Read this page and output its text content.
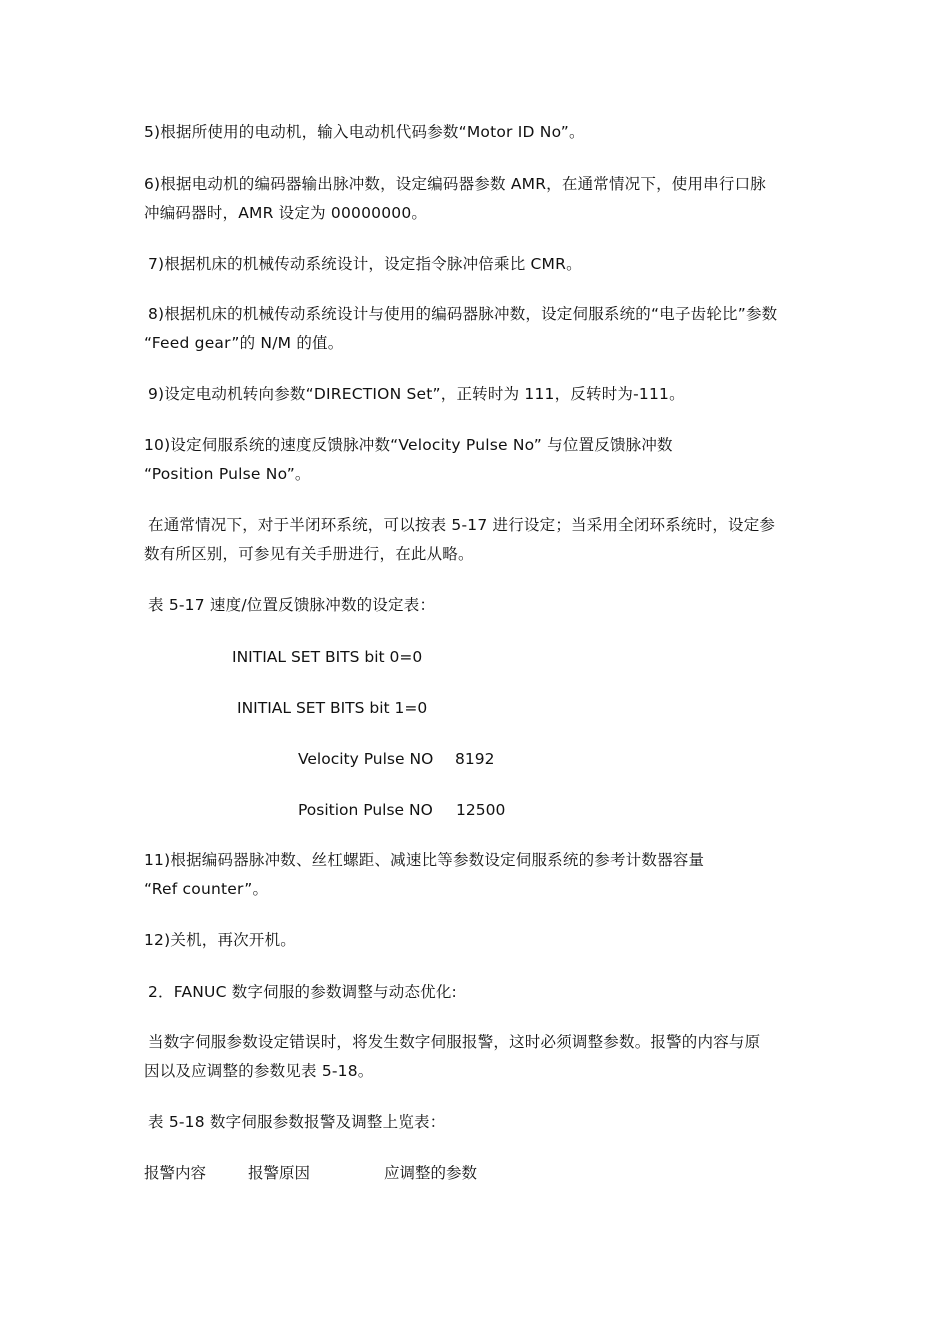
5)根据所使用的电动机，输入电动机代码参数“Motor ID No”。

6)根据电动机的编码器输出脉冲数，设定编码器参数 AMR，在通常情况下，使用串行口脉
冲编码器时，AMR 设定为 00000000。

7)根据机床的机械传动系统设计，设定指令脉冲倍乘比 CMR。

8)根据机床的机械传动系统设计与使用的编码器脉冲数，设定伺服系统的“电子齿轮比”参数
“Feed gear”的 N/M 的值。

9)设定电动机转向参数“DIRECTION Set”，正转时为 111，反转时为-111。

10)设定伺服系统的速度反馈脉冲数“Velocity Pulse No” 与位置反馈脉冲数
“Position Pulse No”。

在通常情况下，对于半闭环系统，可以按表 5-17 进行设定；当采用全闭环系统时，设定参
数有所区别，可参见有关手册进行，在此从略。

表 5-17 速度/位置反馈脉冲数的设定表：

INITIAL SET BITS bit 0=0
INITIAL SET BITS bit 1=0
Velocity Pulse NO 8192
Position Pulse NO 12500

11)根据编码器脉冲数、丝杠螺距、减速比等参数设定伺服系统的参考计数器容量
“Ref counter”。

12)关机，再次开机。

2．FANUC 数字伺服的参数调整与动态优化:

当数字伺服参数设定错误时，将发生数字伺服报警，这时必须调整参数。报警的内容与原
因以及应调整的参数见表 5-18。

表 5-18 数字伺服参数报警及调整上览表：

报警内容	报警原因	应调整的参数
